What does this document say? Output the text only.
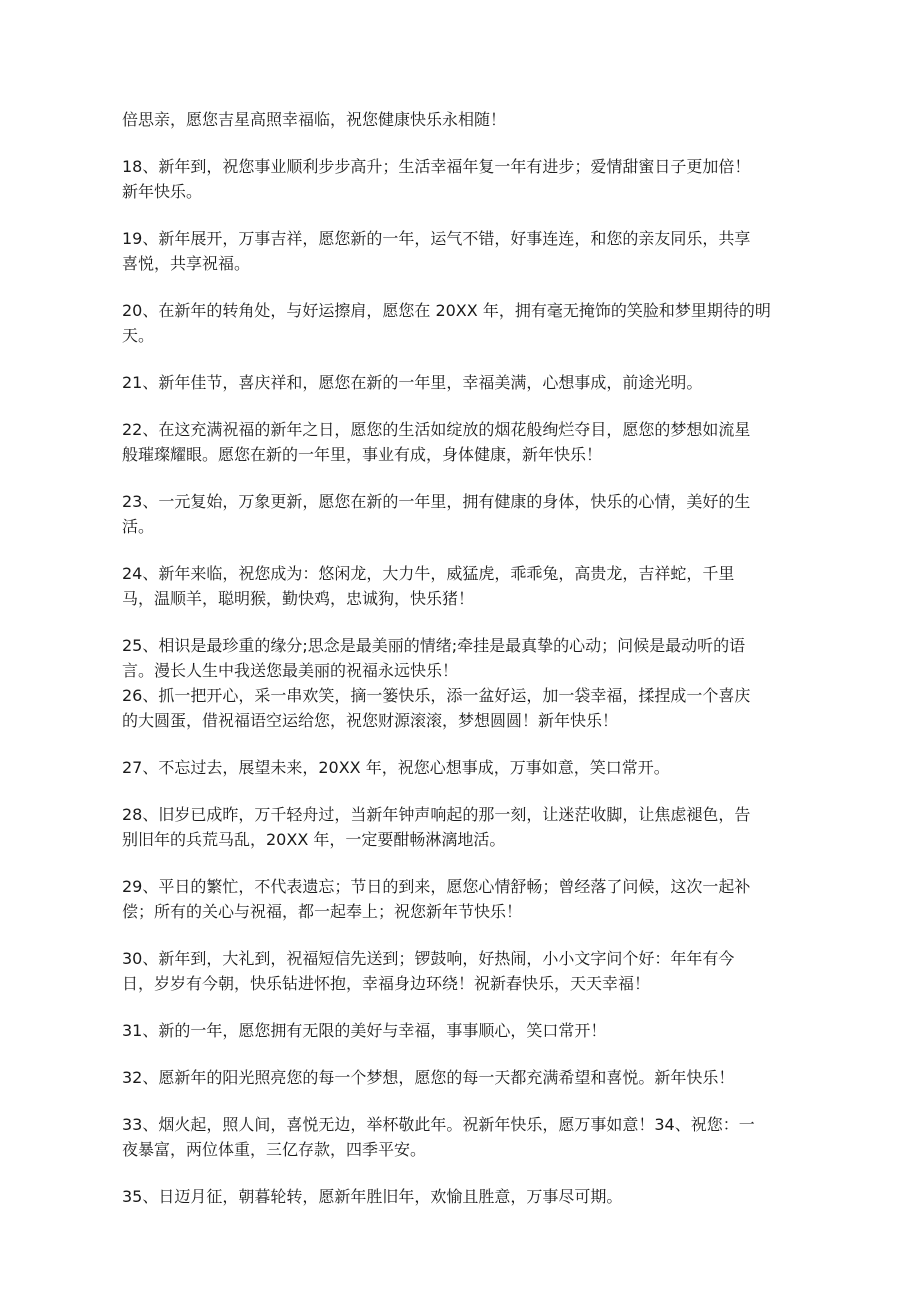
倍思亲，愿您吉星高照幸福临，祝您健康快乐永相随！

18、新年到，祝您事业顺利步步高升；生活幸福年复一年有进步；爱情甜蜜日子更加倍！
新年快乐。

19、新年展开，万事吉祥，愿您新的一年，运气不错，好事连连，和您的亲友同乐，共享
喜悦，共享祝福。

20、在新年的转角处，与好运擦肩，愿您在 20XX 年，拥有毫无掩饰的笑脸和梦里期待的明
天。

21、新年佳节，喜庆祥和，愿您在新的一年里，幸福美满，心想事成，前途光明。

22、在这充满祝福的新年之日，愿您的生活如绽放的烟花般绚烂夺目，愿您的梦想如流星
般璀璨耀眼。愿您在新的一年里，事业有成，身体健康，新年快乐！

23、一元复始，万象更新，愿您在新的一年里，拥有健康的身体，快乐的心情，美好的生
活。

24、新年来临，祝您成为：悠闲龙，大力牛，威猛虎，乖乖兔，高贵龙，吉祥蛇，千里
马，温顺羊，聪明猴，勤快鸡，忠诚狗，快乐猪！

25、相识是最珍重的缘分;思念是最美丽的情绪;牵挂是最真挚的心动；问候是最动听的语
言。漫长人生中我送您最美丽的祝福永远快乐！

26、抓一把开心，采一串欢笑，摘一篓快乐，添一盆好运，加一袋幸福，揉捏成一个喜庆
的大圆蛋，借祝福语空运给您，祝您财源滚滚，梦想圆圆！新年快乐！

27、不忘过去，展望未来，20XX 年，祝您心想事成，万事如意，笑口常开。

28、旧岁已成昨，万千轻舟过，当新年钟声响起的那一刻，让迷茫收脚，让焦虑褪色，告
别旧年的兵荒马乱，20XX 年，一定要酣畅淋漓地活。

29、平日的繁忙，不代表遗忘；节日的到来，愿您心情舒畅；曾经落了问候，这次一起补
偿；所有的关心与祝福，都一起奉上；祝您新年节快乐！

30、新年到，大礼到，祝福短信先送到；锣鼓响，好热闹，小小文字问个好：年年有今
日，岁岁有今朝，快乐钻进怀抱，幸福身边环绕！祝新春快乐，天天幸福！

31、新的一年，愿您拥有无限的美好与幸福，事事顺心，笑口常开！

32、愿新年的阳光照亮您的每一个梦想，愿您的每一天都充满希望和喜悦。新年快乐！

33、烟火起，照人间，喜悦无边，举杯敬此年。祝新年快乐，愿万事如意！34、祝您：一
夜暴富，两位体重，三亿存款，四季平安。

35、日迈月征，朝暮轮转，愿新年胜旧年，欢愉且胜意，万事尽可期。
